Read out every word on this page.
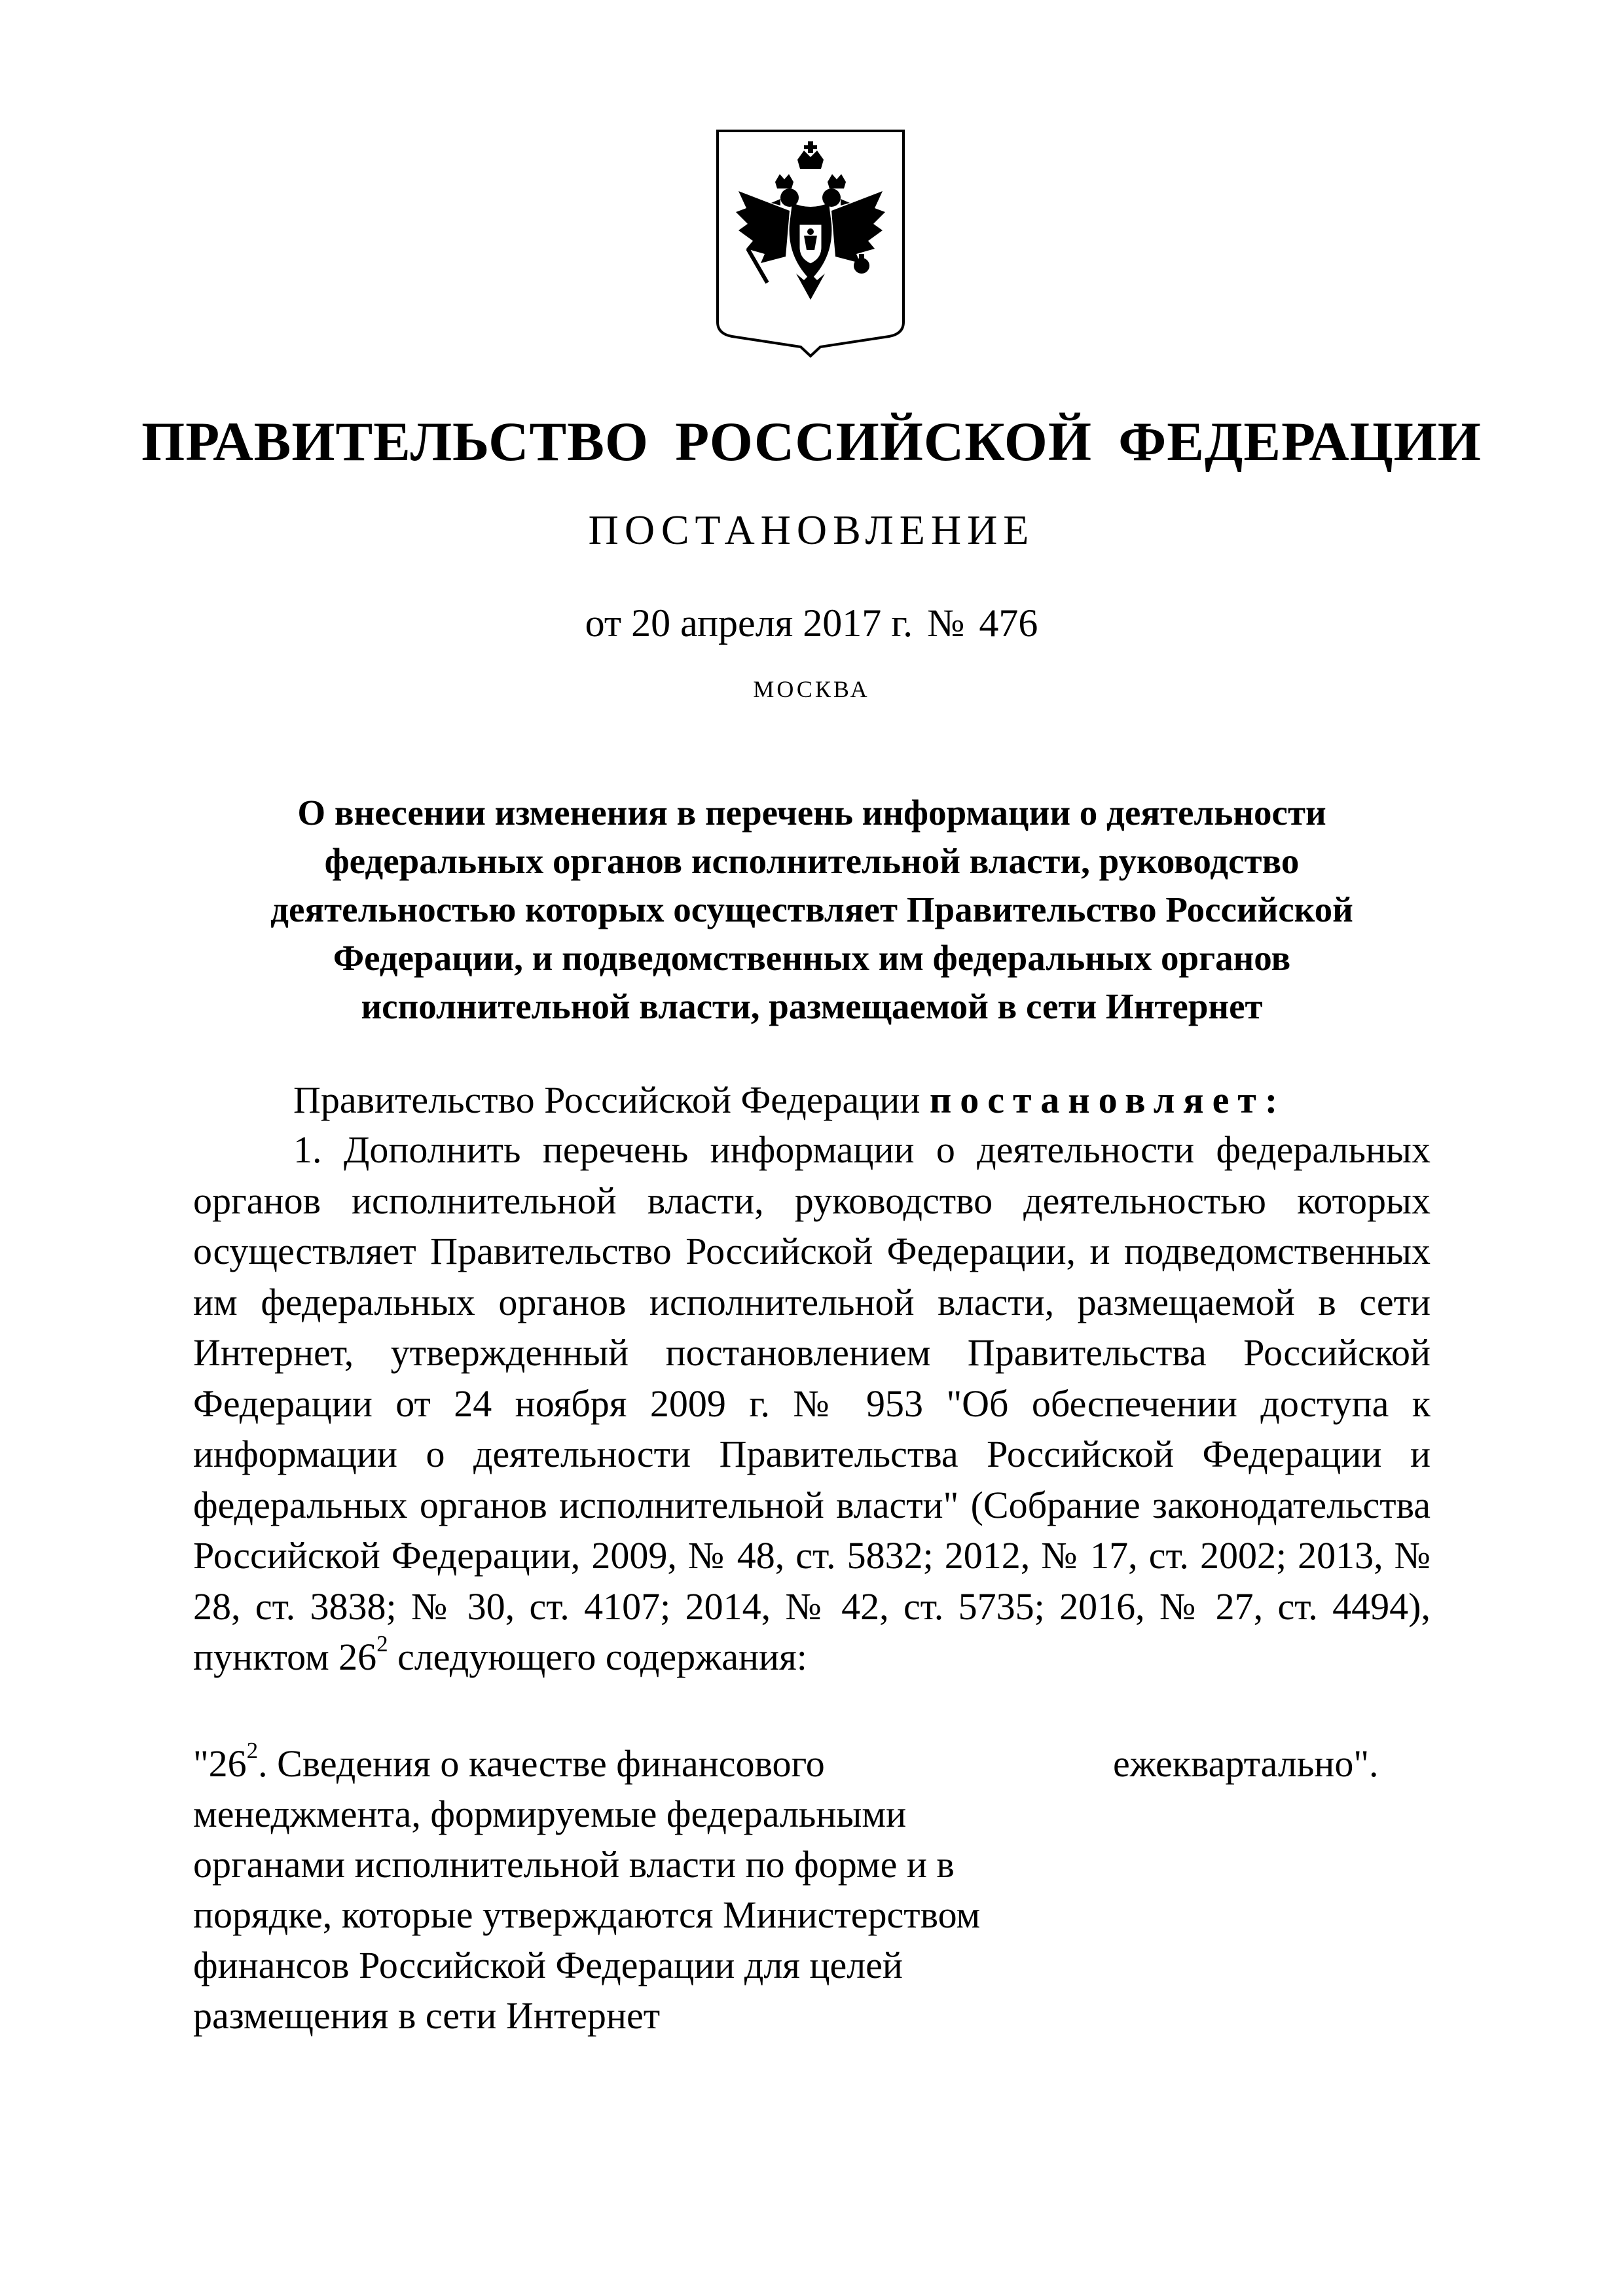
ПРАВИТЕЛЬСТВО РОССИЙСКОЙ ФЕДЕРАЦИИ
ПОСТАНОВЛЕНИЕ
от 20 апреля 2017 г. № 476
МОСКВА
О внесении изменения в перечень информации о деятельности федеральных органов исполнительной власти, руководство деятельностью которых осуществляет Правительство Российской Федерации, и подведомственных им федеральных органов исполнительной власти, размещаемой в сети Интернет
Правительство Российской Федерации постановляет:
1. Дополнить перечень информации о деятельности федеральных органов исполнительной власти, руководство деятельностью которых осуществляет Правительство Российской Федерации, и подведомственных им федеральных органов исполнительной власти, размещаемой в сети Интернет, утвержденный постановлением Правительства Российской Федерации от 24 ноября 2009 г. № 953 "Об обеспечении доступа к информации о деятельности Правительства Российской Федерации и федеральных органов исполнительной власти" (Собрание законодательства Российской Федерации, 2009, № 48, ст. 5832; 2012, № 17, ст. 2002; 2013, № 28, ст. 3838; № 30, ст. 4107; 2014, № 42, ст. 5735; 2016, № 27, ст. 4494), пунктом $26^2$ следующего содержания:
"$26^2$. Сведения о качестве финансового менеджмента, формируемые федеральными органами исполнительной власти по форме и в порядке, которые утверждаются Министерством финансов Российской Федерации для целей размещения в сети Интернет
ежеквартально".
